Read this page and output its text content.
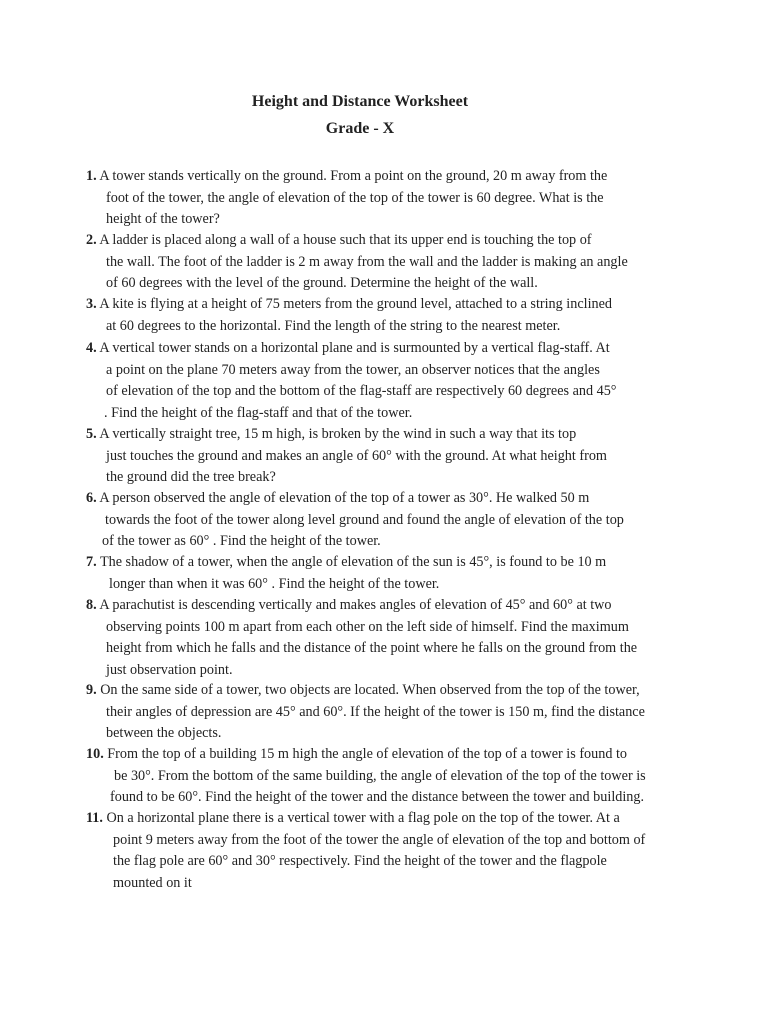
Height and Distance Worksheet
Grade - X
1. A tower stands vertically on the ground. From a point on the ground, 20 m away from the
foot of the tower, the angle of elevation of the top of the tower is 60 degree. What is the
height of the tower?
2. A ladder is placed along a wall of a house such that its upper end is touching the top of
the wall. The foot of the ladder is 2 m away from the wall and the ladder is making an angle
of 60 degrees with the level of the ground. Determine the height of the wall.
3. A kite is flying at a height of 75 meters from the ground level, attached to a string inclined
at 60 degrees to the horizontal. Find the length of the string to the nearest meter.
4. A vertical tower stands on a horizontal plane and is surmounted by a vertical flag-staff. At
a point on the plane 70 meters away from the tower, an observer notices that the angles
of elevation of the top and the bottom of the flag-staff are respectively 60 degrees and 45°
. Find the height of the flag-staff and that of the tower.
5. A vertically straight tree, 15 m high, is broken by the wind in such a way that its top
just touches the ground and makes an angle of 60° with the ground. At what height from
the ground did the tree break?
6. A person observed the angle of elevation of the top of a tower as 30°. He walked 50 m
towards the foot of the tower along level ground and found the angle of elevation of the top
of the tower as 60° . Find the height of the tower.
7. The shadow of a tower, when the angle of elevation of the sun is 45°, is found to be 10 m
longer than when it was 60° . Find the height of the tower.
8. A parachutist is descending vertically and makes angles of elevation of 45° and 60° at two
observing points 100 m apart from each other on the left side of himself. Find the maximum
height from which he falls and the distance of the point where he falls on the ground from the
just observation point.
9. On the same side of a tower, two objects are located. When observed from the top of the tower,
their angles of depression are 45° and 60°. If the height of the tower is 150 m, find the distance
between the objects.
10. From the top of a building 15 m high the angle of elevation of the top of a tower is found to
be 30°. From the bottom of the same building, the angle of elevation of the top of the tower is
found to be 60°. Find the height of the tower and the distance between the tower and building.
11. On a horizontal plane there is a vertical tower with a flag pole on the top of the tower. At a
point 9 meters away from the foot of the tower the angle of elevation of the top and bottom of
the flag pole are 60° and 30° respectively. Find the height of the tower and the flagpole
mounted on it
